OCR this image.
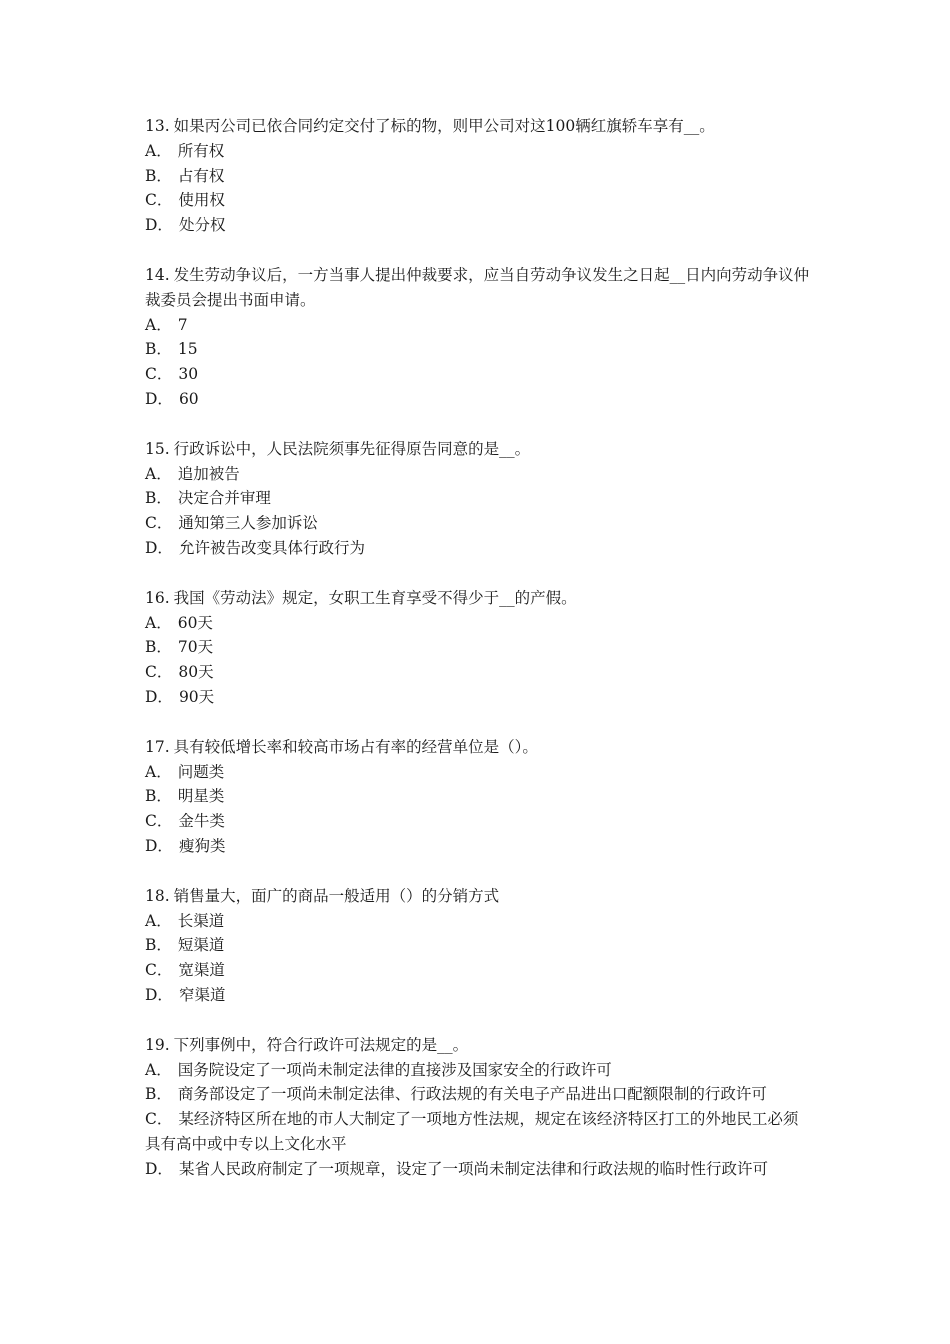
13. 如果丙公司已依合同约定交付了标的物，则甲公司对这100辆红旗轿车享有__。

A． 所有权

B． 占有权

C． 使用权

D． 处分权

14. 发生劳动争议后，一方当事人提出仲裁要求，应当自劳动争议发生之日起__日内向劳动争议仲裁委员会提出书面申请。

A． 7

B． 15

C． 30

D． 60

15. 行政诉讼中，人民法院须事先征得原告同意的是__。

A． 追加被告

B． 决定合并审理

C． 通知第三人参加诉讼

D． 允许被告改变具体行政行为

16. 我国《劳动法》规定，女职工生育享受不得少于__的产假。

A． 60天

B． 70天

C． 80天

D． 90天

17. 具有较低增长率和较高市场占有率的经营单位是（）。

A． 问题类

B． 明星类

C． 金牛类

D． 瘦狗类

18. 销售量大，面广的商品一般适用（）的分销方式

A． 长渠道

B． 短渠道

C． 宽渠道

D． 窄渠道

19. 下列事例中，符合行政许可法规定的是__。

A． 国务院设定了一项尚未制定法律的直接涉及国家安全的行政许可

B． 商务部设定了一项尚未制定法律、行政法规的有关电子产品进出口配额限制的行政许可

C． 某经济特区所在地的市人大制定了一项地方性法规，规定在该经济特区打工的外地民工必须具有高中或中专以上文化水平

D． 某省人民政府制定了一项规章，设定了一项尚未制定法律和行政法规的临时性行政许可
